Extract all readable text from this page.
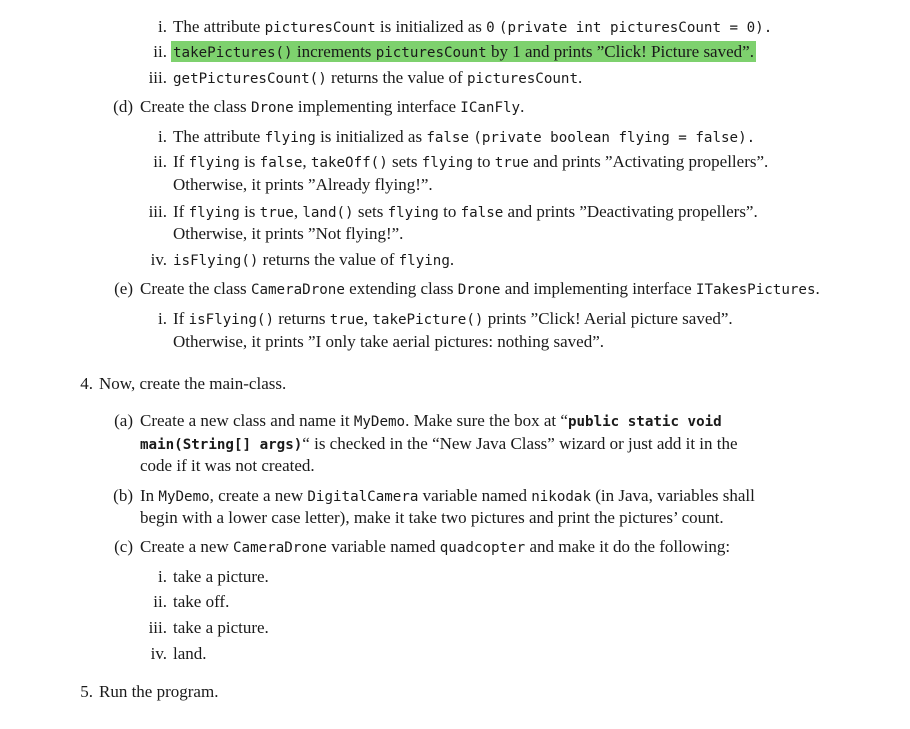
i. The attribute picturesCount is initialized as 0 (private int picturesCount = 0).
ii. takePictures() increments picturesCount by 1 and prints ”Click! Picture saved”.
iii. getPicturesCount() returns the value of picturesCount.
(d) Create the class Drone implementing interface ICanFly.
i. The attribute flying is initialized as false (private boolean flying = false).
ii. If flying is false, takeOff() sets flying to true and prints ”Activating propellers”.
Otherwise, it prints ”Already flying!”.
iii. If flying is true, land() sets flying to false and prints ”Deactivating propellers”.
Otherwise, it prints ”Not flying!”.
iv. isFlying() returns the value of flying.
(e) Create the class CameraDrone extending class Drone and implementing interface ITakesPictures.
i. If isFlying() returns true, takePicture() prints ”Click! Aerial picture saved”.
Otherwise, it prints ”I only take aerial pictures: nothing saved”.
4. Now, create the main-class.
(a) Create a new class and name it MyDemo. Make sure the box at “public static void
main(String[] args)“ is checked in the “New Java Class” wizard or just add it in the
code if it was not created.
(b) In MyDemo, create a new DigitalCamera variable named nikodak (in Java, variables shall
begin with a lower case letter), make it take two pictures and print the pictures’ count.
(c) Create a new CameraDrone variable named quadcopter and make it do the following:
i. take a picture.
ii. take off.
iii. take a picture.
iv. land.
5. Run the program.
